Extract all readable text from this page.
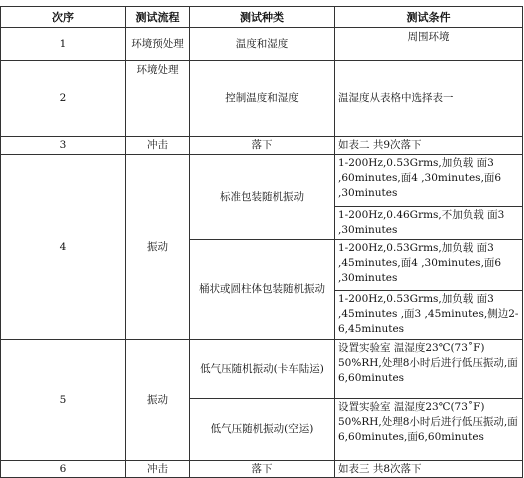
次序	测试流程	测试种类	测试条件
1	环境预处理	温度和湿度	周围环境
2	环境处理	控制温度和湿度	温湿度从表格中选择表一
3	冲击	落下	如表二 共9次落下
4	振动	标准包装随机振动	1-200Hz,0.53Grms,加负载 面3 ,60minutes,面4 ,30minutes,面6 ,30minutes
			1-200Hz,0.46Grms,不加负载 面3 ,30minutes
		桶状或圆柱体包装随机振动	1-200Hz,0.53Grms,加负载 面3 ,45minutes,面4 ,30minutes,面6 ,30minutes
			1-200Hz,0.53Grms,加负载 面3 ,45minutes ,面3 ,45minutes,侧边2-6,45minutes
5	振动	低气压随机振动(卡车陆运)	设置实验室 温湿度23℃(73˚F) 50%RH,处理8小时后进行低压振动,面6,60minutes
		低气压随机振动(空运)	设置实验室 温湿度23℃(73˚F) 50%RH,处理8小时后进行低压振动,面6,60minutes,面6,60minutes
6	冲击	落下	如表三 共8次落下
